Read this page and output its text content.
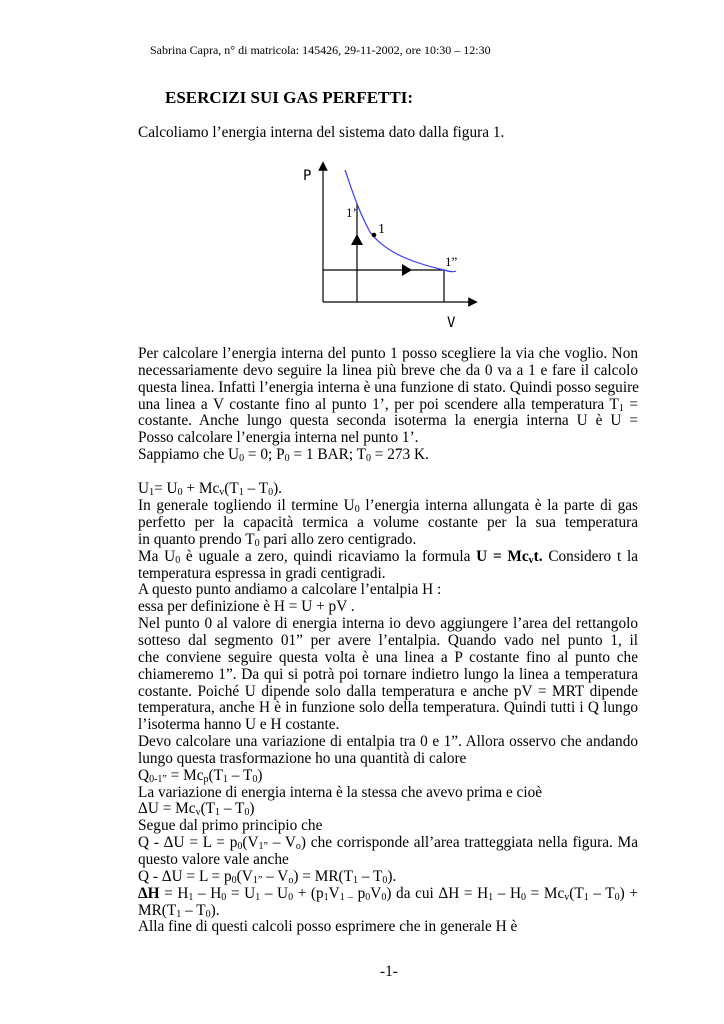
Sabrina Capra, n° di matricola: 145426, 29-11-2002, ore 10:30 – 12:30
ESERCIZI SUI GAS PERFETTI:
Calcoliamo l’energia interna del sistema dato dalla figura 1.
P
V
1’
1
1”
Per calcolare l’energia interna del punto 1 posso scegliere la via che voglio. Non
necessariamente devo seguire la linea più breve che da 0 va a 1 e fare il calcolo
questa linea. Infatti l’energia interna è una funzione di stato. Quindi posso seguire
una linea a V costante fino al punto 1’, per poi scendere alla temperatura $T_1$ =
costante. Anche lungo questa seconda isoterma la energia interna U è U =
Posso calcolare l’energia interna nel punto 1’.
Sappiamo che $U_0 = 0$; $P_0 = 1$ BAR; $T_0 = 273$ K.
$U_1= U_0 + Mc_v(T_1 - T_0)$.
In generale togliendo il termine $U_0$ l’energia interna allungata è la parte di gas
perfetto per la capacità termica a volume costante per la sua temperatura
in quanto prendo $T_0$ pari allo zero centigrado.
Ma $U_0$ è uguale a zero, quindi ricaviamo la formula $U = Mc_vt$. Considero t la
temperatura espressa in gradi centigradi.
A questo punto andiamo a calcolare l’entalpia H :
essa per definizione è H = U + pV .
Nel punto 0 al valore di energia interna io devo aggiungere l’area del rettangolo
sotteso dal segmento 01” per avere l’entalpia. Quando vado nel punto 1, il
che conviene seguire questa volta è una linea a P costante fino al punto che
chiameremo 1”. Da qui si potrà poi tornare indietro lungo la linea a temperatura
costante. Poiché U dipende solo dalla temperatura e anche pV = MRT dipende
temperatura, anche H è in funzione solo della temperatura. Quindi tutti i Q lungo
l’isoterma hanno U e H costante.
Devo calcolare una variazione di entalpia tra 0 e 1”. Allora osservo che andando
lungo questa trasformazione ho una quantità di calore
$Q_{0-1”} = Mc_p(T_1 - T_0)$
La variazione di energia interna è la stessa che avevo prima e cioè
$\Delta U = Mc_v(T_1 - T_0)$
Segue dal primo principio che
$Q - \Delta U = L = p_0(V_{1”} - V_o)$ che corrisponde all’area tratteggiata nella figura. Ma
questo valore vale anche
$Q - \Delta U = L = p_0(V_{1”} - V_o) = MR(T_1 - T_0)$.
$\Delta H = H_1 - H_0 = U_1 - U_0 + (p_1V_{1 -}$ $p_0V_0$) da cui $\Delta H = H_1 - H_0 = Mc_v(T_1 - T_0)$ +
$MR(T_1 - T_0)$.
Alla fine di questi calcoli posso esprimere che in generale H è
-1-
